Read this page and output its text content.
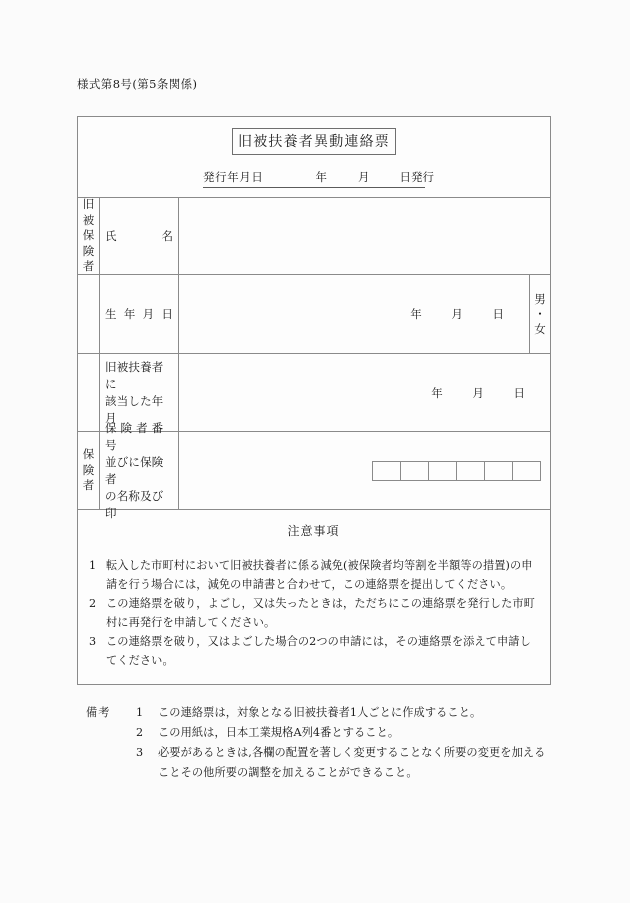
様式第8号(第5条関係)
旧被扶養者異動連絡票
発行年月日	年	月	日発行
旧
被
保
険
者
氏	名
生 年 月 日	年	月	日
男
・
女
旧被扶養者に
該当した年月
年	月	日
保
険
者
保 険 者 番 号
並びに保険者
の名称及び印
注意事項
1 転入した市町村において旧被扶養者に係る減免(被保険者均等割を半額等の措置)の申請を行う場合には，減免の申請書と合わせて，この連絡票を提出してください。
2 この連絡票を破り，よごし，又は失ったときは，ただちにこの連絡票を発行した市町村に再発行を申請してください。
3 この連絡票を破り，又はよごした場合の2つの申請には，その連絡票を添えて申請してください。
備考 1 この連絡票は，対象となる旧被扶養者1人ごとに作成すること。
2 この用紙は，日本工業規格A列4番とすること。
3 必要があるときは,各欄の配置を著しく変更することなく所要の変更を加える
ことその他所要の調整を加えることができること。
